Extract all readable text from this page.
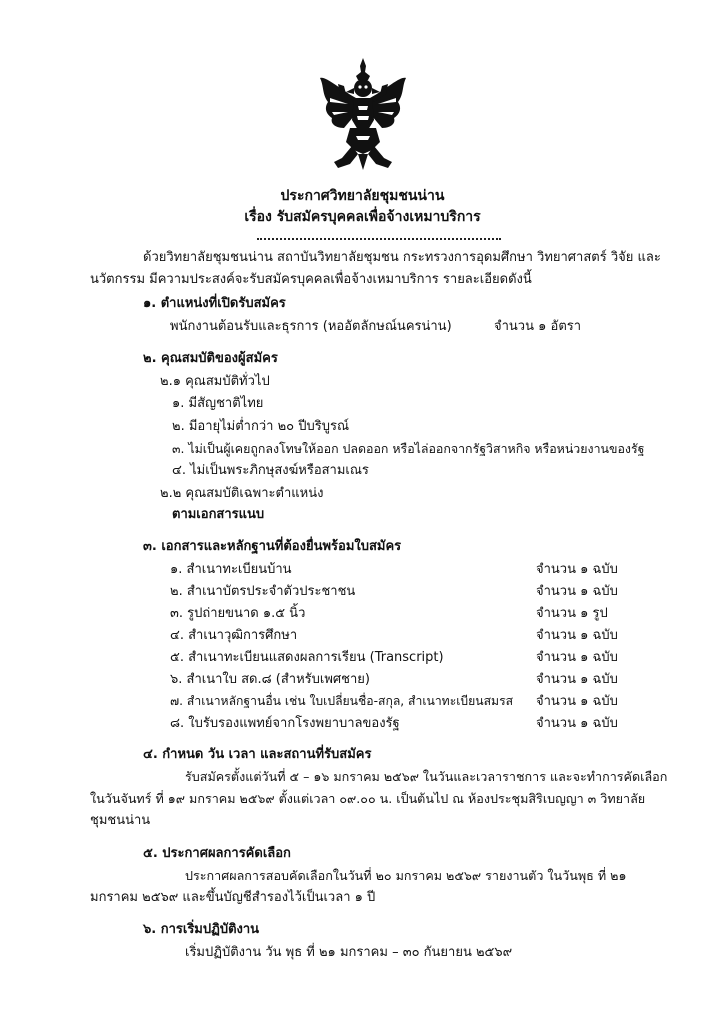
ประกาศวิทยาลัยชุมชนน่าน
เรื่อง รับสมัครบุคคลเพื่อจ้างเหมาบริการ
ด้วยวิทยาลัยชุมชนน่าน สถาบันวิทยาลัยชุมชน กระทรวงการอุดมศึกษา วิทยาศาสตร์ วิจัย และ
นวัตกรรม มีความประสงค์จะรับสมัครบุคคลเพื่อจ้างเหมาบริการ รายละเอียดดังนี้
๑. ตำแหน่งที่เปิดรับสมัคร
พนักงานต้อนรับและธุรการ (หออัตลักษณ์นครน่าน)	จำนวน ๑ อัตรา
๒. คุณสมบัติของผู้สมัคร
๒.๑ คุณสมบัติทั่วไป
๑. มีสัญชาติไทย
๒. มีอายุไม่ต่ำกว่า ๒๐ ปีบริบูรณ์
๓. ไม่เป็นผู้เคยถูกลงโทษให้ออก ปลดออก หรือไล่ออกจากรัฐวิสาหกิจ หรือหน่วยงานของรัฐ
๔. ไม่เป็นพระภิกษุสงฆ์หรือสามเณร
๒.๒ คุณสมบัติเฉพาะตำแหน่ง
ตามเอกสารแนบ
๓. เอกสารและหลักฐานที่ต้องยื่นพร้อมใบสมัคร
๑. สำเนาทะเบียนบ้าน	จำนวน ๑ ฉบับ
๒. สำเนาบัตรประจำตัวประชาชน	จำนวน ๑ ฉบับ
๓. รูปถ่ายขนาด ๑.๕ นิ้ว	จำนวน ๑ รูป
๔. สำเนาวุฒิการศึกษา	จำนวน ๑ ฉบับ
๕. สำเนาทะเบียนแสดงผลการเรียน (Transcript)	จำนวน ๑ ฉบับ
๖. สำเนาใบ สด.๘ (สำหรับเพศชาย)	จำนวน ๑ ฉบับ
๗. สำเนาหลักฐานอื่น เช่น ใบเปลี่ยนชื่อ-สกุล, สำเนาทะเบียนสมรส จำนวน ๑ ฉบับ
๘. ใบรับรองแพทย์จากโรงพยาบาลของรัฐ	จำนวน ๑ ฉบับ
๔. กำหนด วัน เวลา และสถานที่รับสมัคร
รับสมัครตั้งแต่วันที่ ๕ – ๑๖ มกราคม ๒๕๖๙ ในวันและเวลาราชการ และจะทำการคัดเลือก
ในวันจันทร์ ที่ ๑๙ มกราคม ๒๕๖๙ ตั้งแต่เวลา ๐๙.๐๐ น. เป็นต้นไป ณ ห้องประชุมสิริเบญญา ๓ วิทยาลัย
ชุมชนน่าน
๕. ประกาศผลการคัดเลือก
ประกาศผลการสอบคัดเลือกในวันที่ ๒๐ มกราคม ๒๕๖๙ รายงานตัว ในวันพุธ ที่ ๒๑
มกราคม ๒๕๖๙ และขึ้นบัญชีสำรองไว้เป็นเวลา ๑ ปี
๖. การเริ่มปฏิบัติงาน
เริ่มปฏิบัติงาน วัน พุธ ที่ ๒๑ มกราคม – ๓๐ กันยายน ๒๕๖๙
